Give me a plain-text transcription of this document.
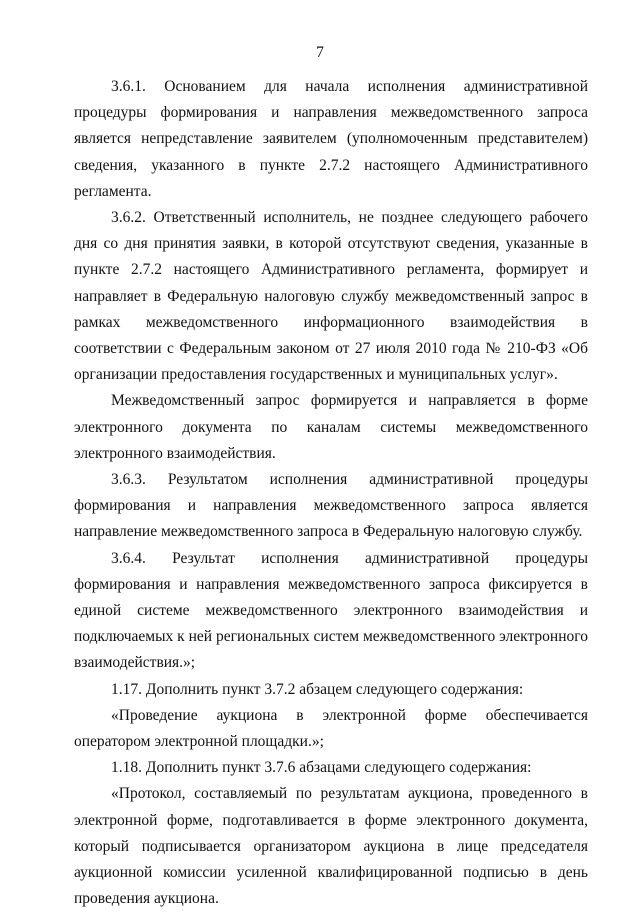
7

3.6.1. Основанием для начала исполнения административной процедуры формирования и направления межведомственного запроса является непредставление заявителем (уполномоченным представителем) сведения, указанного в пункте 2.7.2 настоящего Административного регламента.

3.6.2. Ответственный исполнитель, не позднее следующего рабочего дня со дня принятия заявки, в которой отсутствуют сведения, указанные в пункте 2.7.2 настоящего Административного регламента, формирует и направляет в Федеральную налоговую службу межведомственный запрос в рамках межведомственного информационного взаимодействия в соответствии с Федеральным законом от 27 июля 2010 года № 210-ФЗ «Об организации предоставления государственных и муниципальных услуг».

Межведомственный запрос формируется и направляется в форме электронного документа по каналам системы межведомственного электронного взаимодействия.

3.6.3. Результатом исполнения административной процедуры формирования и направления межведомственного запроса является направление межведомственного запроса в Федеральную налоговую службу.

3.6.4. Результат исполнения административной процедуры формирования и направления межведомственного запроса фиксируется в единой системе межведомственного электронного взаимодействия и подключаемых к ней региональных систем межведомственного электронного взаимодействия.»;

1.17. Дополнить пункт 3.7.2 абзацем следующего содержания:

«Проведение аукциона в электронной форме обеспечивается оператором электронной площадки.»;

1.18. Дополнить пункт 3.7.6 абзацами следующего содержания:

«Протокол, составляемый по результатам аукциона, проведенного в электронной форме, подготавливается в форме электронного документа, который подписывается организатором аукциона в лице председателя аукционной комиссии усиленной квалифицированной подписью в день проведения аукциона.
